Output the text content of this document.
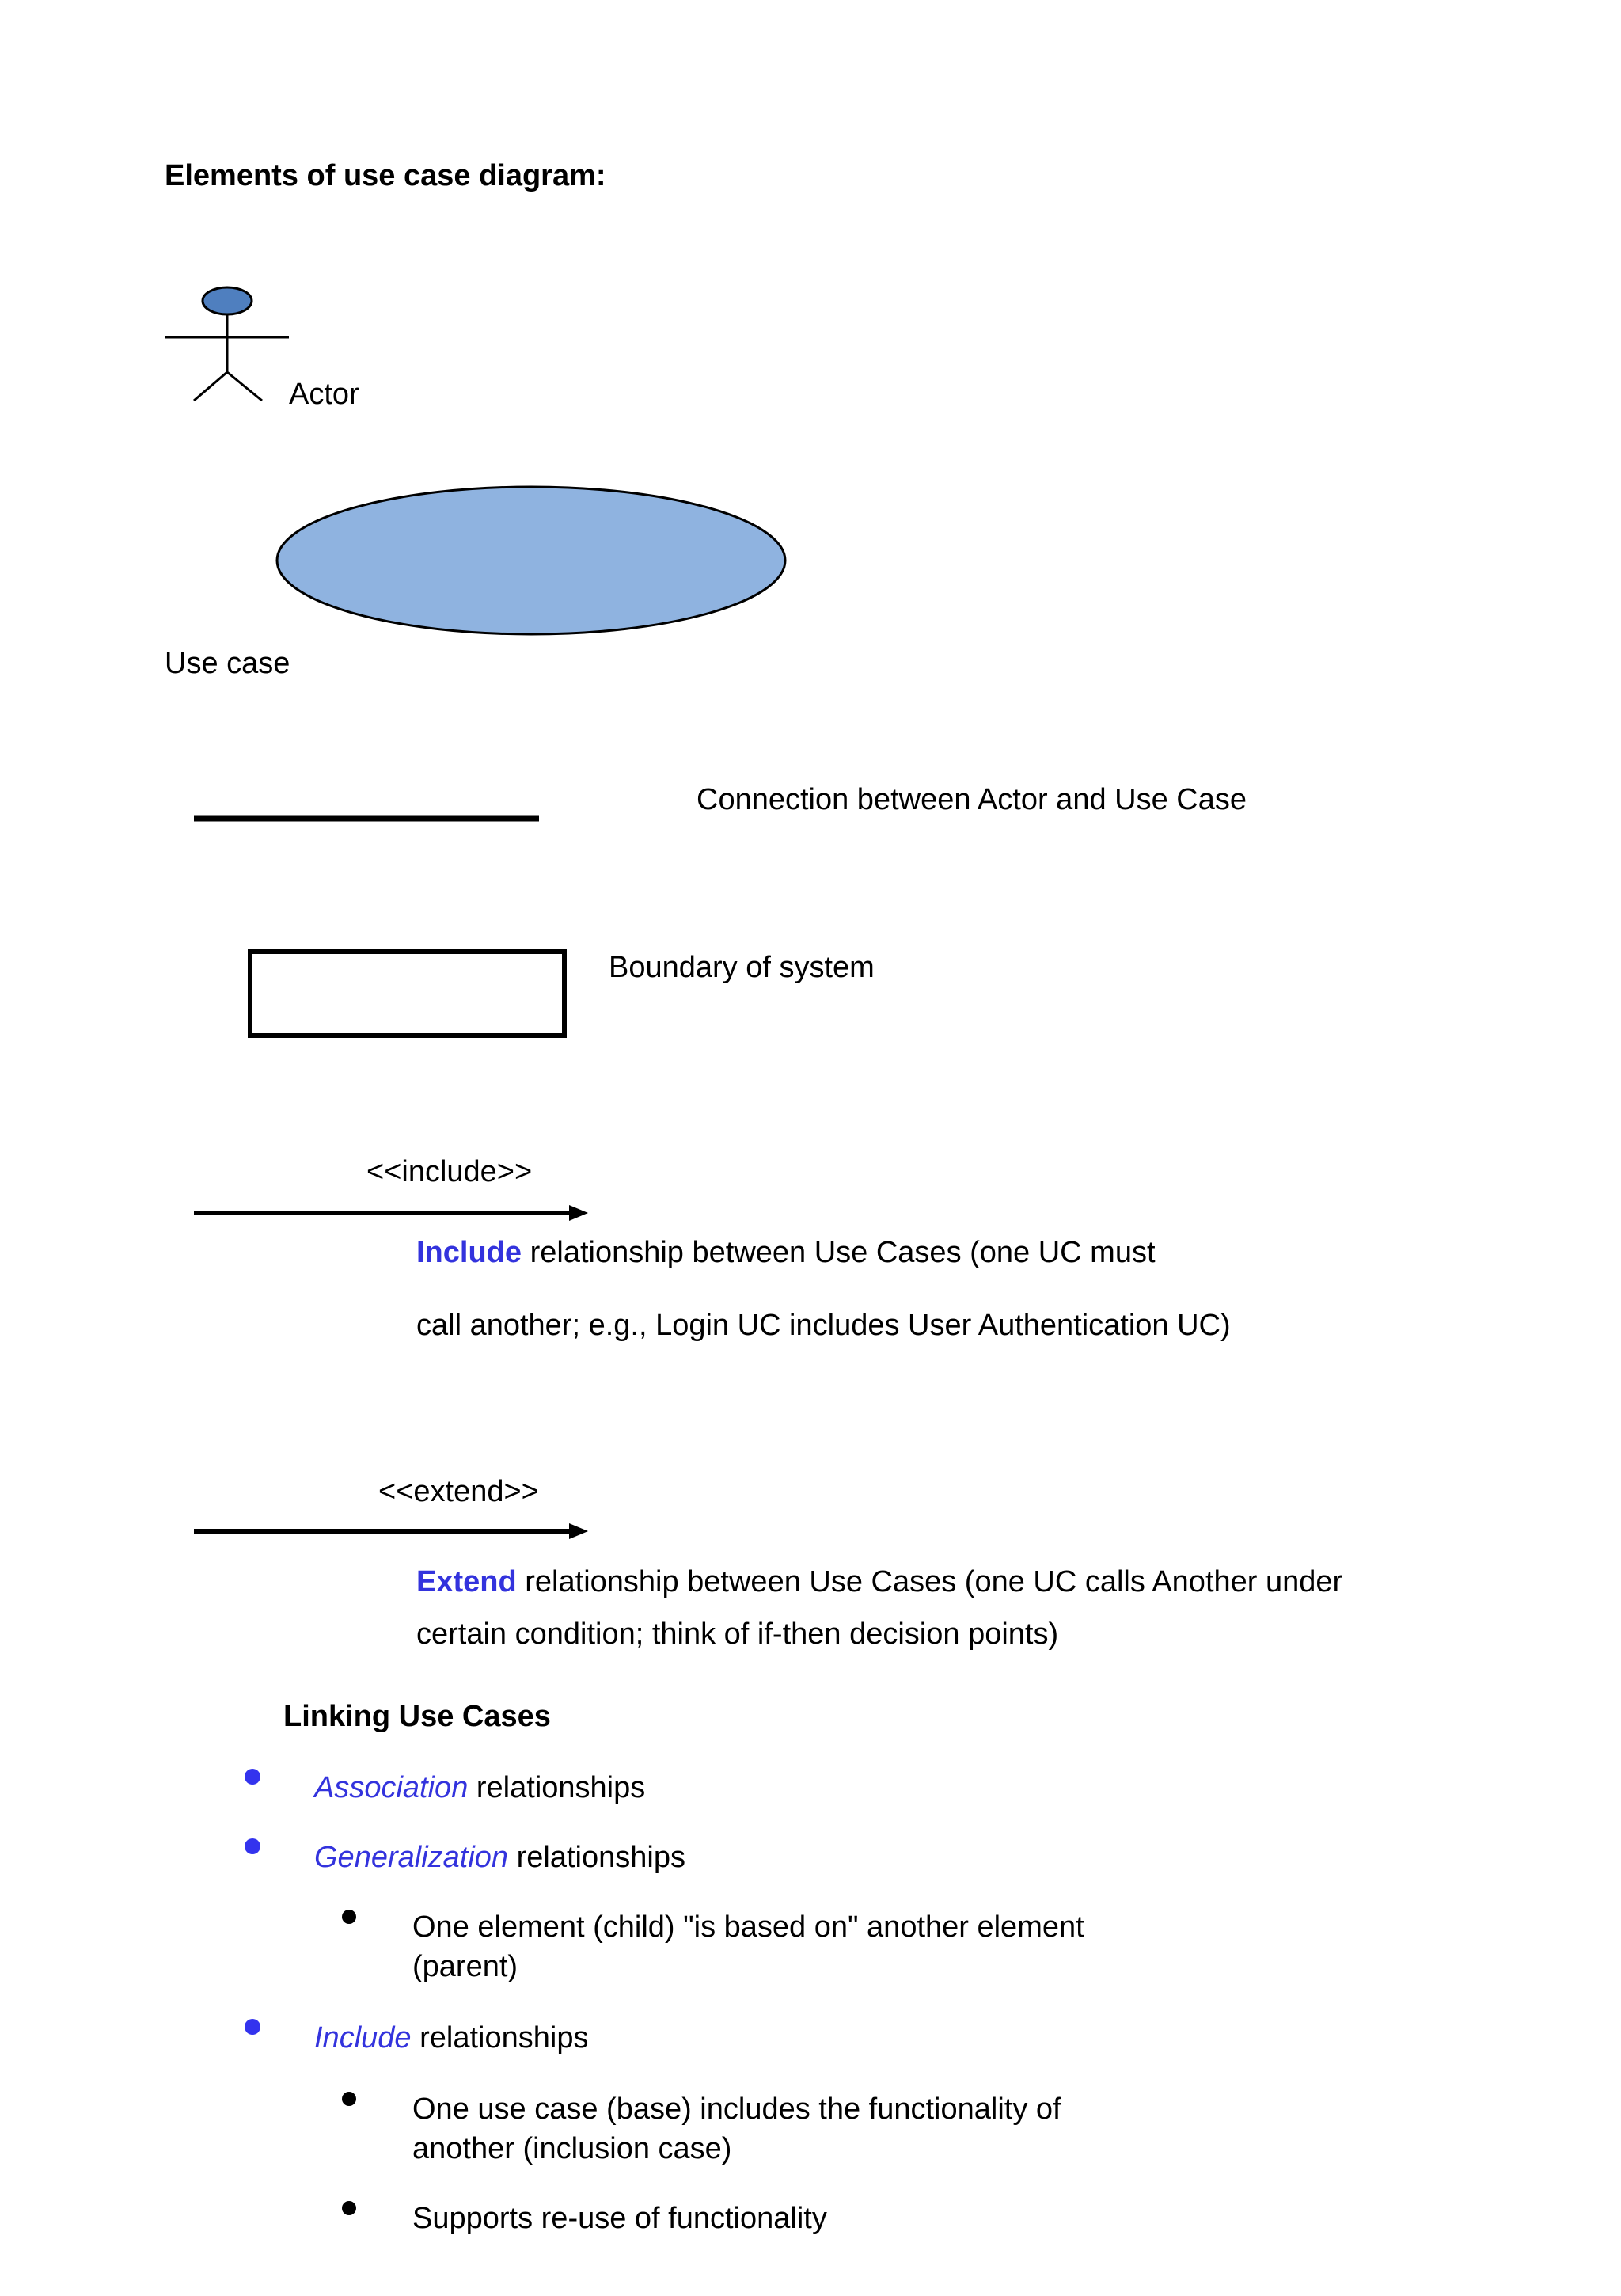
Elements of use case diagram:
Actor
Use case
Connection between Actor and Use Case
Boundary of system
<<include>>
Include relationship between Use Cases (one UC must
call another; e.g., Login UC includes User Authentication UC)
<<extend>>
Extend relationship between Use Cases (one UC calls Another under
certain condition; think of if-then decision points)
Linking Use Cases
Association relationships
Generalization relationships
One element (child) "is based on" another element
(parent)
Include relationships
One use case (base) includes the functionality of
another (inclusion case)
Supports re-use of functionality
